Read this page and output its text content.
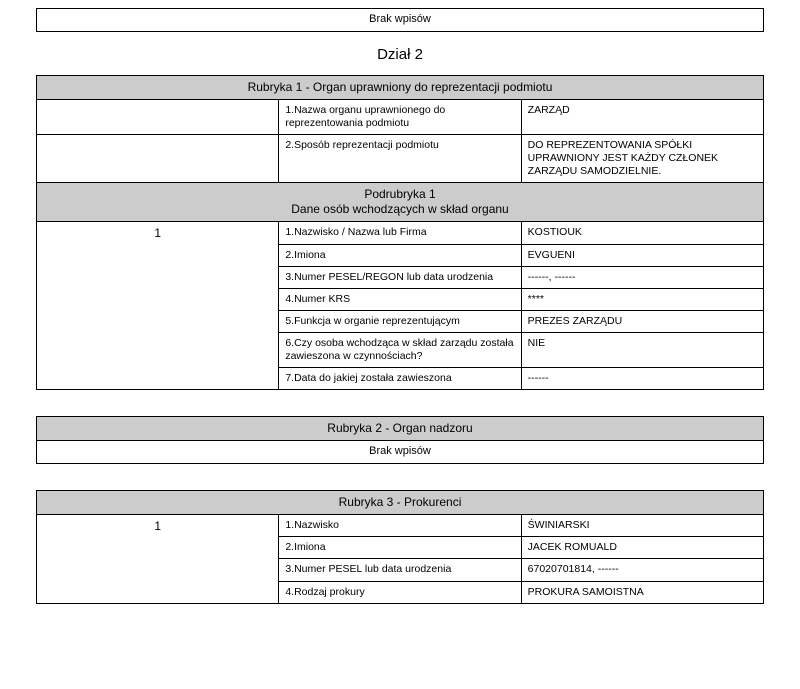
Brak wpisów
Dział 2
Rubryka 1 - Organ uprawniony do reprezentacji podmiotu		
	1.Nazwa organu uprawnionego do reprezentowania podmiotu	ZARZĄD
	2.Sposób reprezentacji podmiotu	DO REPREZENTOWANIA SPÓŁKI UPRAWNIONY JEST KAŻDY CZŁONEK ZARZĄDU SAMODZIELNIE.

Podrubryka 1
Dane osób wchodzących w skład organu		

1	1.Nazwisko / Nazwa lub Firma	KOSTIOUK
	2.Imiona	EVGUENI
	3.Numer PESEL/REGON lub data urodzenia	------, ------
	4.Numer KRS	****
	5.Funkcja w organie reprezentującym	PREZES ZARZĄDU
	6.Czy osoba wchodząca w skład zarządu została zawieszona w czynnościach?	NIE
	7.Data do jakiej została zawieszona	------
Rubryka 2 - Organ nadzoru
Brak wpisów
Rubryka 3 - Prokurenci		
1	1.Nazwisko	ŚWINIARSKI
	2.Imiona	JACEK ROMUALD
	3.Numer PESEL lub data urodzenia	67020701814, ------
	4.Rodzaj prokury	PROKURA SAMOISTNA
